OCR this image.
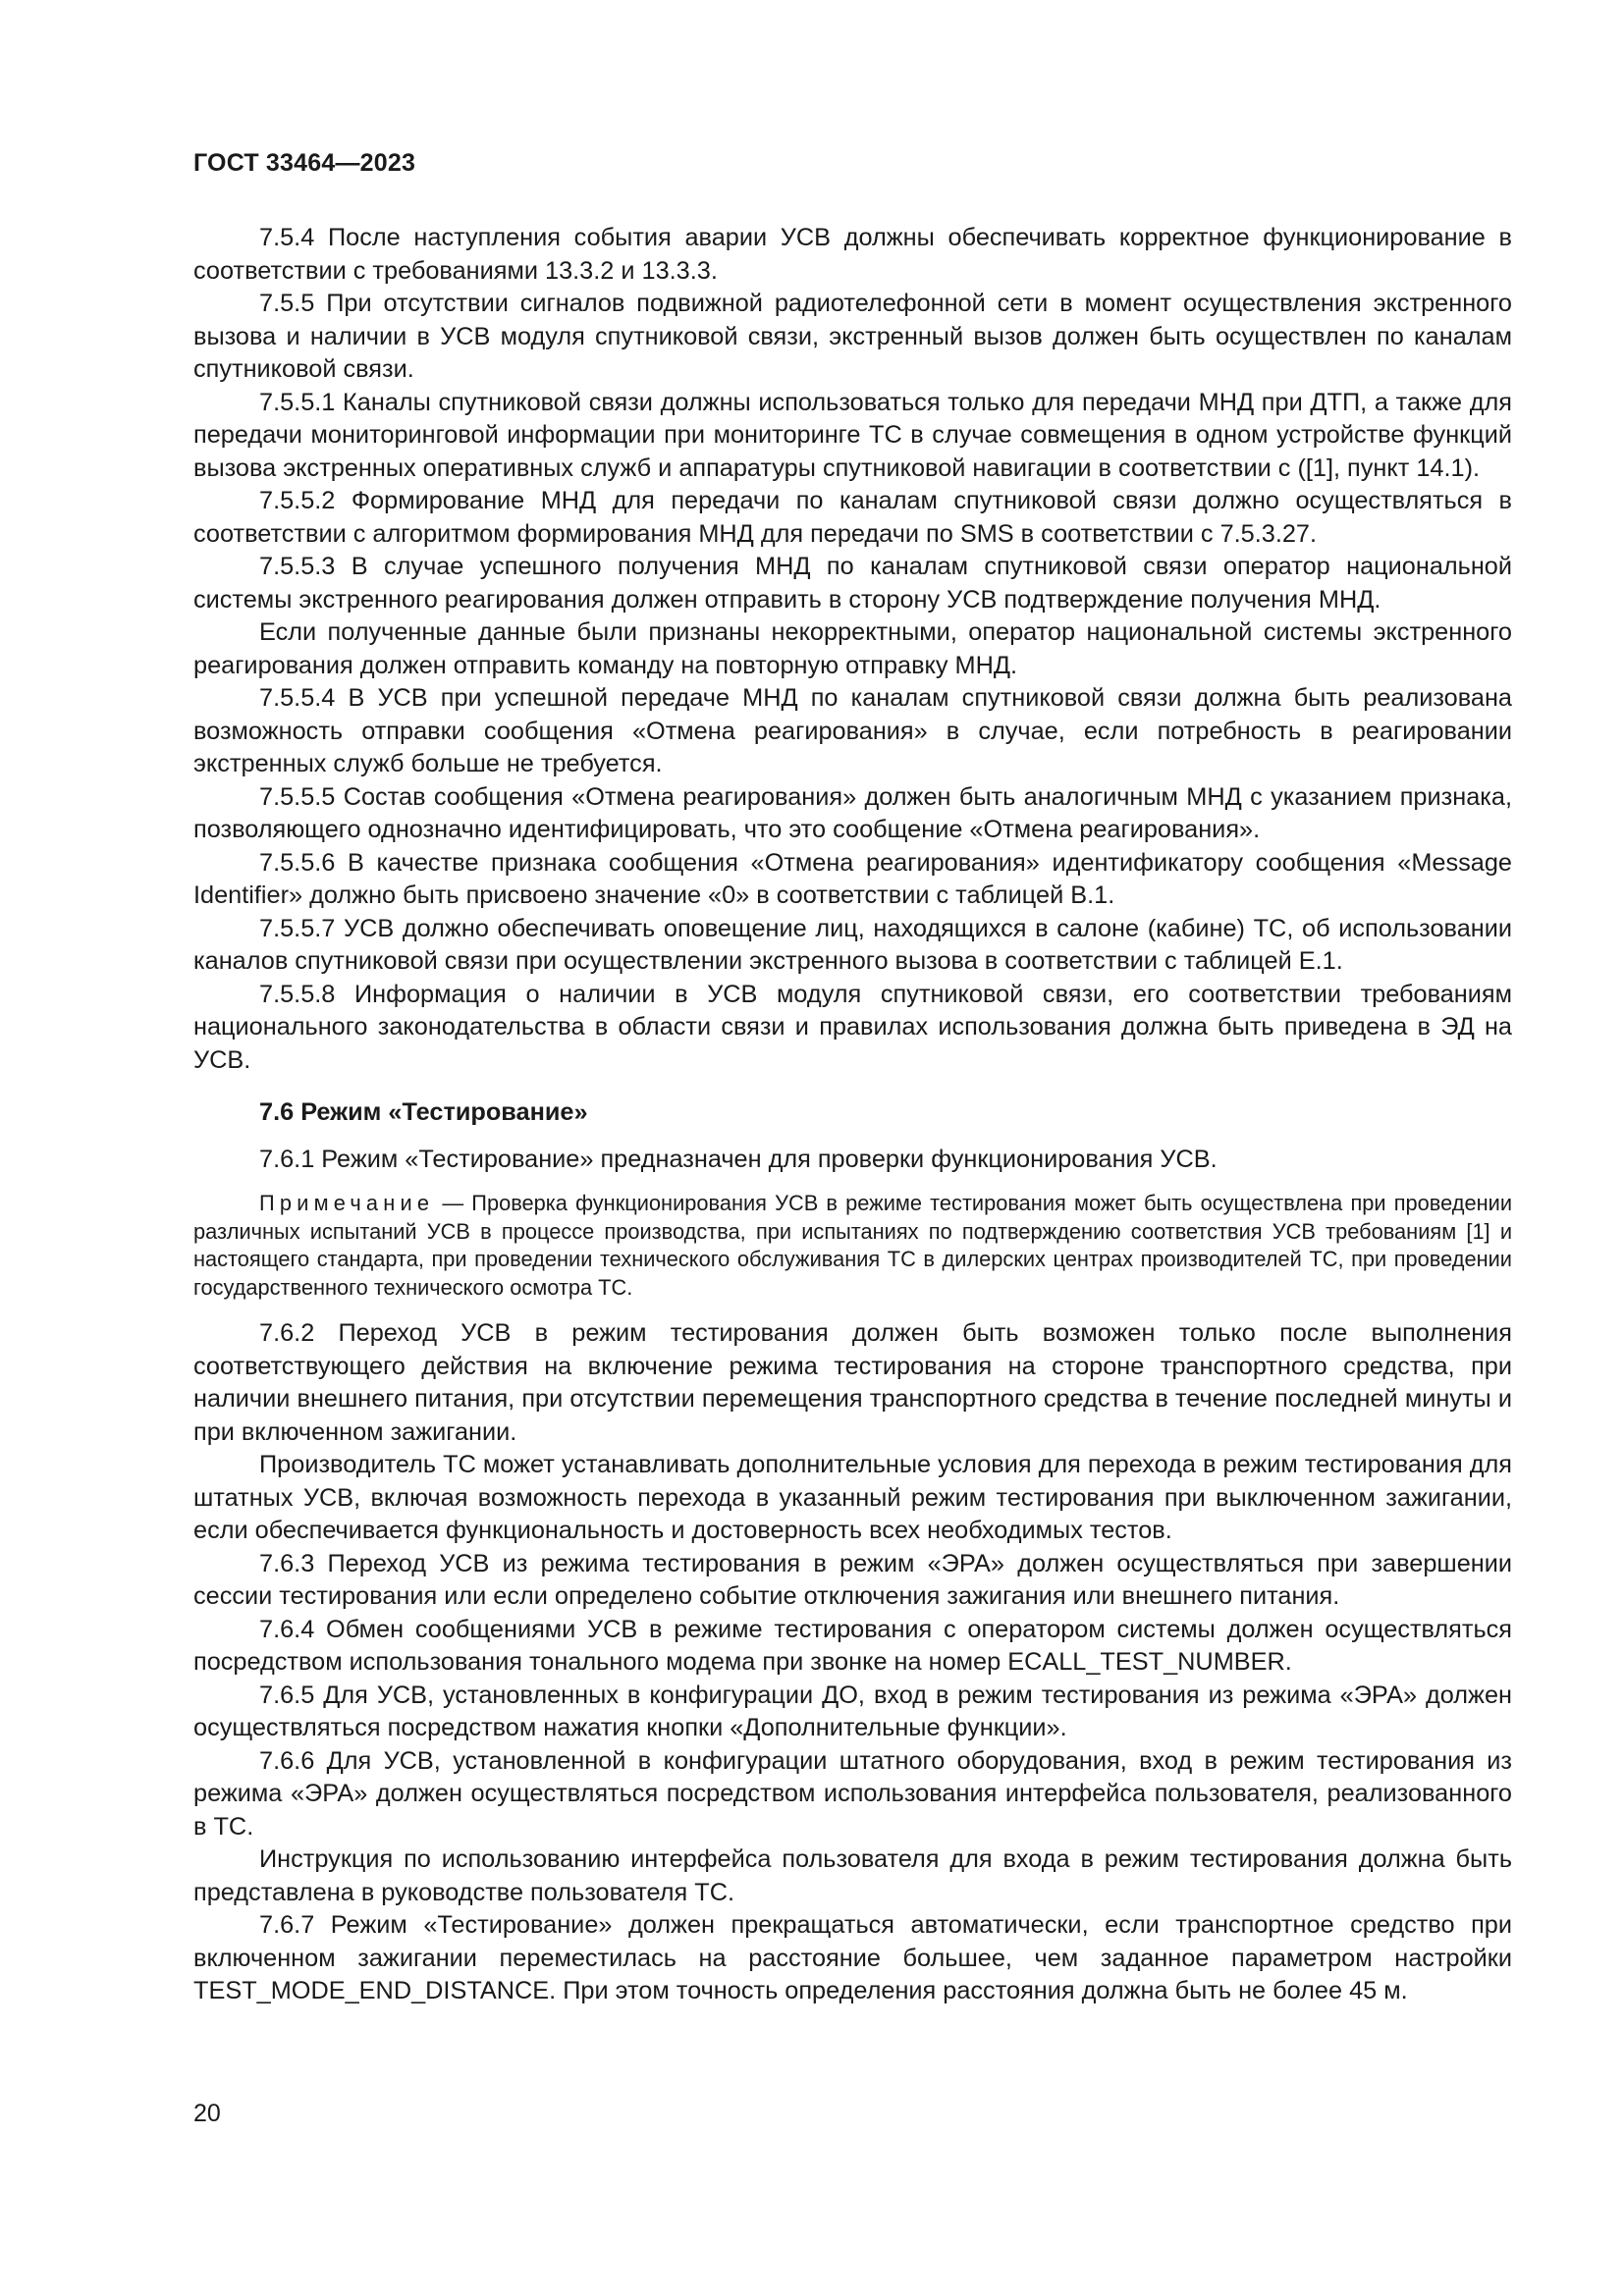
ГОСТ 33464—2023

7.5.4 После наступления события аварии УСВ должны обеспечивать корректное функционирование в соответствии с требованиями 13.3.2 и 13.3.3.

7.5.5 При отсутствии сигналов подвижной радиотелефонной сети в момент осуществления экстренного вызова и наличии в УСВ модуля спутниковой связи, экстренный вызов должен быть осуществлен по каналам спутниковой связи.

7.5.5.1 Каналы спутниковой связи должны использоваться только для передачи МНД при ДТП, а также для передачи мониторинговой информации при мониторинге ТС в случае совмещения в одном устройстве функций вызова экстренных оперативных служб и аппаратуры спутниковой навигации в соответствии с ([1], пункт 14.1).

7.5.5.2 Формирование МНД для передачи по каналам спутниковой связи должно осуществляться в соответствии с алгоритмом формирования МНД для передачи по SMS в соответствии с 7.5.3.27.

7.5.5.3 В случае успешного получения МНД по каналам спутниковой связи оператор национальной системы экстренного реагирования должен отправить в сторону УСВ подтверждение получения МНД.

Если полученные данные были признаны некорректными, оператор национальной системы экстренного реагирования должен отправить команду на повторную отправку МНД.

7.5.5.4 В УСВ при успешной передаче МНД по каналам спутниковой связи должна быть реализована возможность отправки сообщения «Отмена реагирования» в случае, если потребность в реагировании экстренных служб больше не требуется.

7.5.5.5 Состав сообщения «Отмена реагирования» должен быть аналогичным МНД с указанием признака, позволяющего однозначно идентифицировать, что это сообщение «Отмена реагирования».

7.5.5.6 В качестве признака сообщения «Отмена реагирования» идентификатору сообщения «Message Identifier» должно быть присвоено значение «0» в соответствии с таблицей В.1.

7.5.5.7 УСВ должно обеспечивать оповещение лиц, находящихся в салоне (кабине) ТС, об использовании каналов спутниковой связи при осуществлении экстренного вызова в соответствии с таблицей Е.1.

7.5.5.8 Информация о наличии в УСВ модуля спутниковой связи, его соответствии требованиям национального законодательства в области связи и правилах использования должна быть приведена в ЭД на УСВ.

7.6 Режим «Тестирование»

7.6.1 Режим «Тестирование» предназначен для проверки функционирования УСВ.

Примечание — Проверка функционирования УСВ в режиме тестирования может быть осуществлена при проведении различных испытаний УСВ в процессе производства, при испытаниях по подтверждению соответствия УСВ требованиям [1] и настоящего стандарта, при проведении технического обслуживания ТС в дилерских центрах производителей ТС, при проведении государственного технического осмотра ТС.

7.6.2 Переход УСВ в режим тестирования должен быть возможен только после выполнения соответствующего действия на включение режима тестирования на стороне транспортного средства, при наличии внешнего питания, при отсутствии перемещения транспортного средства в течение последней минуты и при включенном зажигании.

Производитель ТС может устанавливать дополнительные условия для перехода в режим тестирования для штатных УСВ, включая возможность перехода в указанный режим тестирования при выключенном зажигании, если обеспечивается функциональность и достоверность всех необходимых тестов.

7.6.3 Переход УСВ из режима тестирования в режим «ЭРА» должен осуществляться при завершении сессии тестирования или если определено событие отключения зажигания или внешнего питания.

7.6.4 Обмен сообщениями УСВ в режиме тестирования с оператором системы должен осуществляться посредством использования тонального модема при звонке на номер ECALL_TEST_NUMBER.

7.6.5 Для УСВ, установленных в конфигурации ДО, вход в режим тестирования из режима «ЭРА» должен осуществляться посредством нажатия кнопки «Дополнительные функции».

7.6.6 Для УСВ, установленной в конфигурации штатного оборудования, вход в режим тестирования из режима «ЭРА» должен осуществляться посредством использования интерфейса пользователя, реализованного в ТС.

Инструкция по использованию интерфейса пользователя для входа в режим тестирования должна быть представлена в руководстве пользователя ТС.

7.6.7 Режим «Тестирование» должен прекращаться автоматически, если транспортное средство при включенном зажигании переместилась на расстояние большее, чем заданное параметром настройки TEST_MODE_END_DISTANCE. При этом точность определения расстояния должна быть не более 45 м.

20
